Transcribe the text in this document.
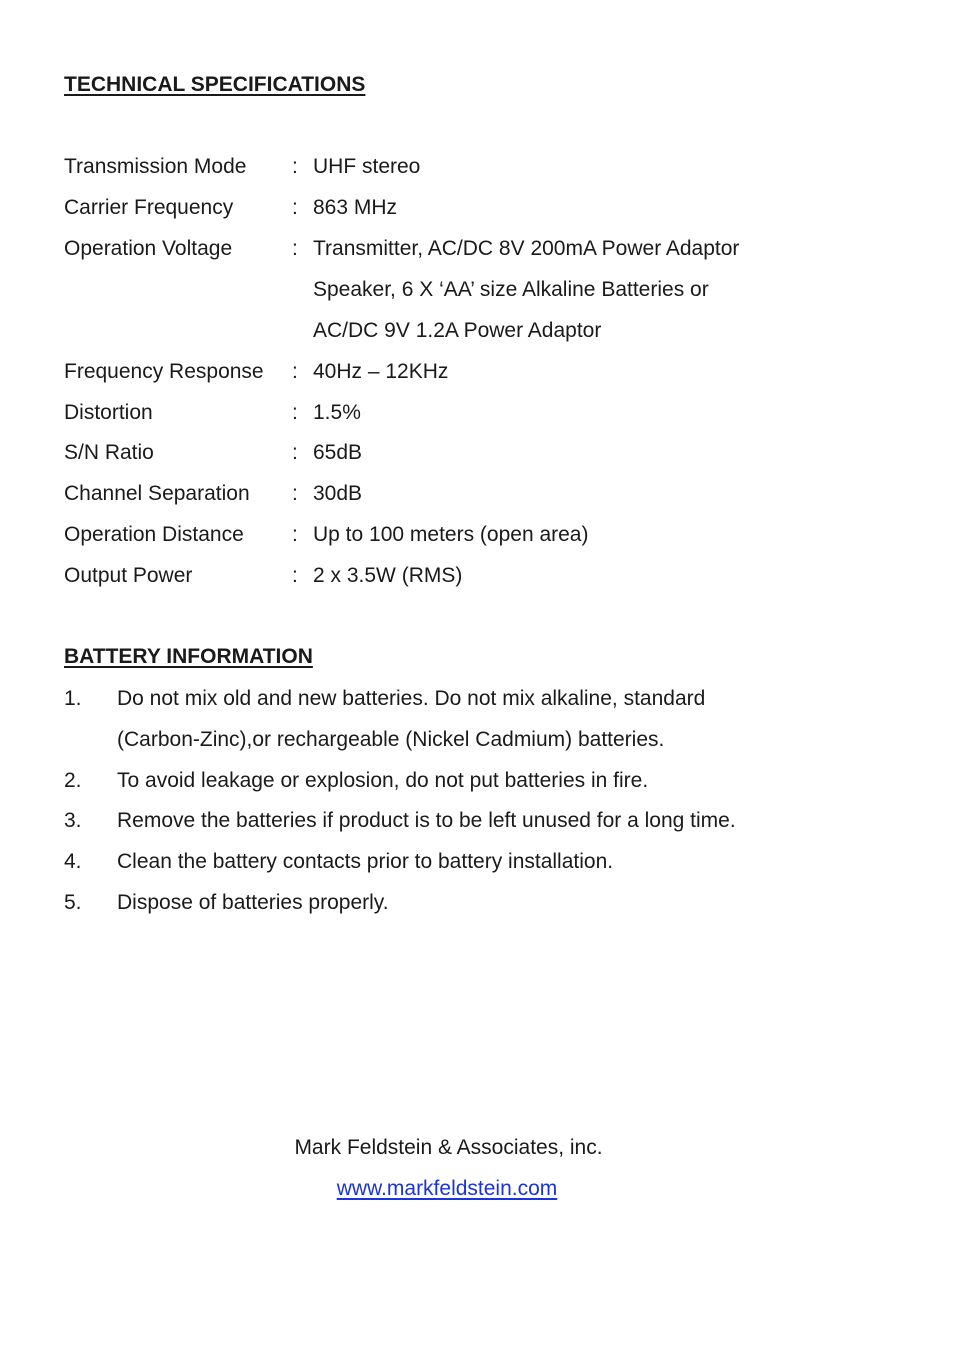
TECHNICAL SPECIFICATIONS
Transmission Mode : UHF stereo
Carrier Frequency	: 863 MHz
Operation Voltage	: Transmitter, AC/DC 8V 200mA Power Adaptor
Speaker, 6 X ‘AA’ size Alkaline Batteries or
AC/DC 9V 1.2A Power Adaptor
Frequency Response : 40Hz – 12KHz
Distortion	: 1.5%
S/N Ratio	: 65dB
Channel Separation : 30dB
Operation Distance : Up to 100 meters (open area)
Output Power	: 2 x 3.5W (RMS)
BATTERY INFORMATION
1. Do not mix old and new batteries. Do not mix alkaline, standard
(Carbon-Zinc),or rechargeable (Nickel Cadmium) batteries.
2. To avoid leakage or explosion, do not put batteries in fire.
3. Remove the batteries if product is to be left unused for a long time.
4. Clean the battery contacts prior to battery installation.
5. Dispose of batteries properly.
Mark Feldstein & Associates, inc.
www.markfeldstein.com
